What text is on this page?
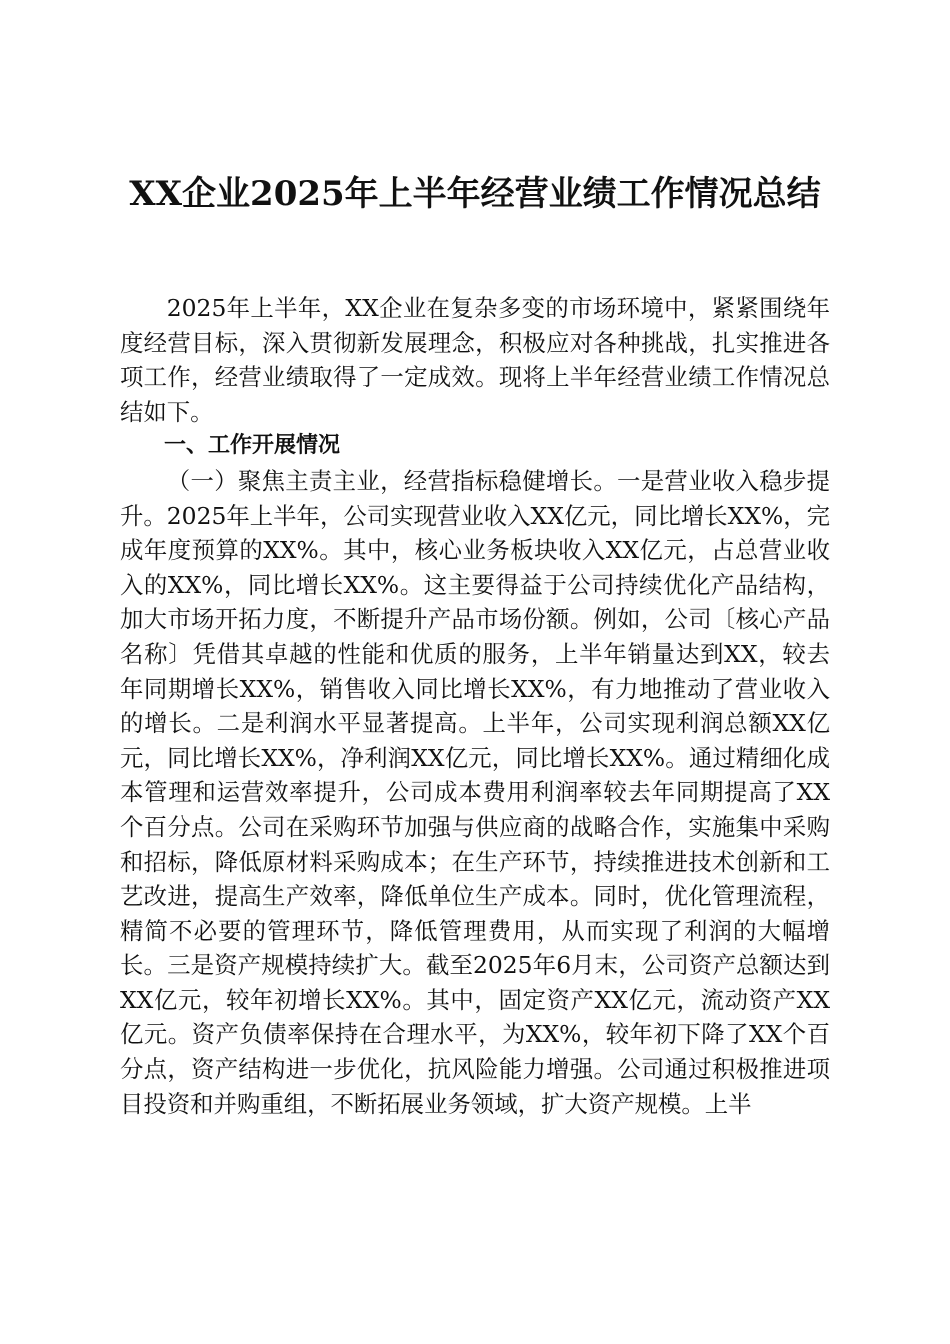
XX企业2025年上半年经营业绩工作情况总结

2025年上半年，XX企业在复杂多变的市场环境中，紧紧围绕年度经营目标，深入贯彻新发展理念，积极应对各种挑战，扎实推进各项工作，经营业绩取得了一定成效。现将上半年经营业绩工作情况总结如下。

一、工作开展情况

（一）聚焦主责主业，经营指标稳健增长。一是营业收入稳步提升。2025年上半年，公司实现营业收入XX亿元，同比增长XX%，完成年度预算的XX%。其中，核心业务板块收入XX亿元，占总营业收入的XX%，同比增长XX%。这主要得益于公司持续优化产品结构，加大市场开拓力度，不断提升产品市场份额。例如，公司〔核心产品名称〕凭借其卓越的性能和优质的服务，上半年销量达到XX，较去年同期增长XX%，销售收入同比增长XX%，有力地推动了营业收入的增长。二是利润水平显著提高。上半年，公司实现利润总额XX亿元，同比增长XX%，净利润XX亿元，同比增长XX%。通过精细化成本管理和运营效率提升，公司成本费用利润率较去年同期提高了XX个百分点。公司在采购环节加强与供应商的战略合作，实施集中采购和招标，降低原材料采购成本；在生产环节，持续推进技术创新和工艺改进，提高生产效率，降低单位生产成本。同时，优化管理流程，精简不必要的管理环节，降低管理费用，从而实现了利润的大幅增长。三是资产规模持续扩大。截至2025年6月末，公司资产总额达到XX亿元，较年初增长XX%。其中，固定资产XX亿元，流动资产XX亿元。资产负债率保持在合理水平，为XX%，较年初下降了XX个百分点，资产结构进一步优化，抗风险能力增强。公司通过积极推进项目投资和并购重组，不断拓展业务领域，扩大资产规模。上半
